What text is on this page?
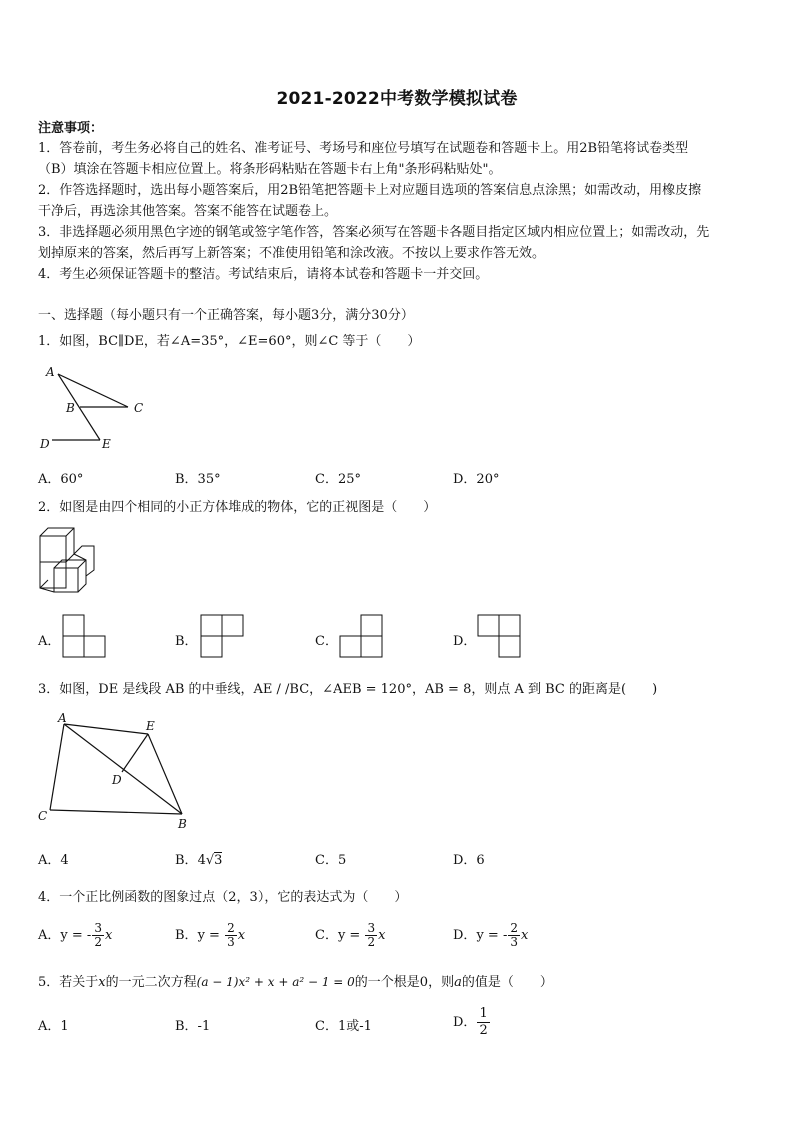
2021-2022中考数学模拟试卷
注意事项：
1．答卷前，考生务必将自己的姓名、准考证号、考场号和座位号填写在试题卷和答题卡上。用2B铅笔将试卷类型
（B）填涂在答题卡相应位置上。将条形码粘贴在答题卡右上角"条形码粘贴处"。
2．作答选择题时，选出每小题答案后，用2B铅笔把答题卡上对应题目选项的答案信息点涂黑；如需改动，用橡皮擦
干净后，再选涂其他答案。答案不能答在试题卷上。
3．非选择题必须用黑色字迹的钢笔或签字笔作答，答案必须写在答题卡各题目指定区域内相应位置上；如需改动，先
划掉原来的答案，然后再写上新答案；不准使用铅笔和涂改液。不按以上要求作答无效。
4．考生必须保证答题卡的整洁。考试结束后，请将本试卷和答题卡一并交回。
一、选择题（每小题只有一个正确答案，每小题3分，满分30分）
1．如图，BC∥DE，若∠A=35°，∠E=60°，则∠C 等于（　　）
A
B	C
D	E
A．60°	B．35°	C．25°	D．20°
2．如图是由四个相同的小正方体堆成的物体，它的正视图是（　　）
A．	B．	C．	D．
3．如图，DE 是线段 AB 的中垂线，AE / /BC，∠AEB = 120°，AB = 8，则点 A 到 BC 的距离是(　　)
A
E
D
C
B
A．4	B．4√3	C．5	D．6
4．一个正比例函数的图象过点（2，3），它的表达式为（　　）
A．y = - $\frac{3}{2}$ x	B．$y = \frac{2}{3}$ x	C．$y = \frac{3}{2}$ x	D．y = - $\frac{2}{3}$ x
5．若关于x的一元二次方程(a − 1)x² + x + a² − 1 = 0的一个根是0，则a的值是（　　）
A．1	B．-1	C．1或-1	D． $\frac{1}{2}$
